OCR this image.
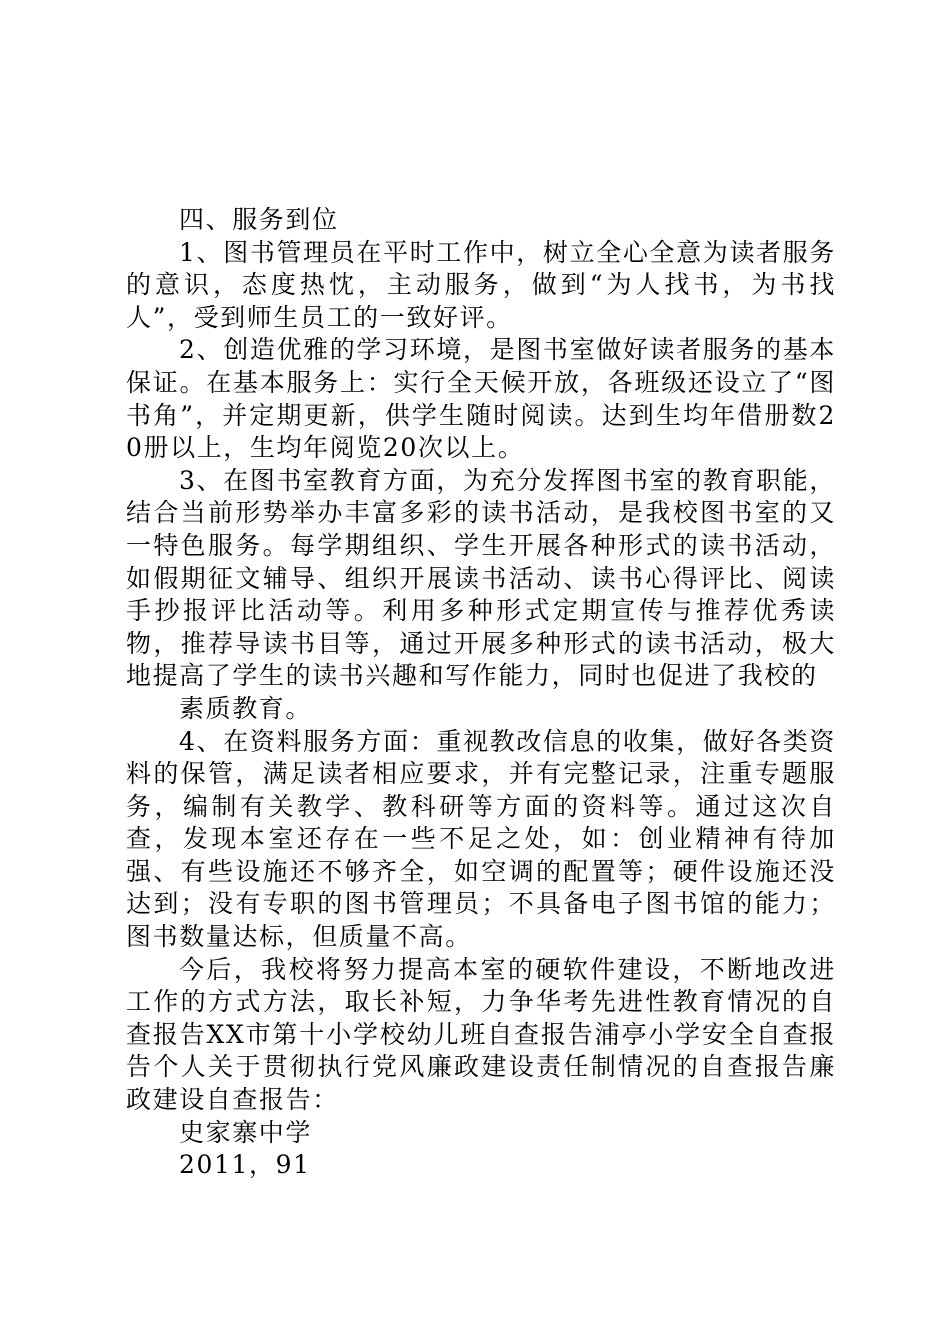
四、服务到位

1、图书管理员在平时工作中，树立全心全意为读者服务的意识，态度热忱，主动服务，做到“为人找书，为书找人”，受到师生员工的一致好评。

2、创造优雅的学习环境，是图书室做好读者服务的基本保证。在基本服务上：实行全天候开放，各班级还设立了“图书角”，并定期更新，供学生随时阅读。达到生均年借册数20册以上，生均年阅览20次以上。

3、在图书室教育方面，为充分发挥图书室的教育职能，结合当前形势举办丰富多彩的读书活动，是我校图书室的又一特色服务。每学期组织、学生开展各种形式的读书活动，如假期征文辅导、组织开展读书活动、读书心得评比、阅读手抄报评比活动等。利用多种形式定期宣传与推荐优秀读物，推荐导读书目等，通过开展多种形式的读书活动，极大地提高了学生的读书兴趣和写作能力，同时也促进了我校的

素质教育。

4、在资料服务方面：重视教改信息的收集，做好各类资料的保管，满足读者相应要求，并有完整记录，注重专题服务，编制有关教学、教科研等方面的资料等。通过这次自查，发现本室还存在一些不足之处，如：创业精神有待加强、有些设施还不够齐全，如空调的配置等；硬件设施还没达到；没有专职的图书管理员；不具备电子图书馆的能力；图书数量达标，但质量不高。

今后，我校将努力提高本室的硬软件建设，不断地改进工作的方式方法，取长补短，力争华考先进性教育情况的自查报告XX市第十小学校幼儿班自查报告浦亭小学安全自查报告个人关于贯彻执行党风廉政建设责任制情况的自查报告廉政建设自查报告：

史家寨中学

2011，91
